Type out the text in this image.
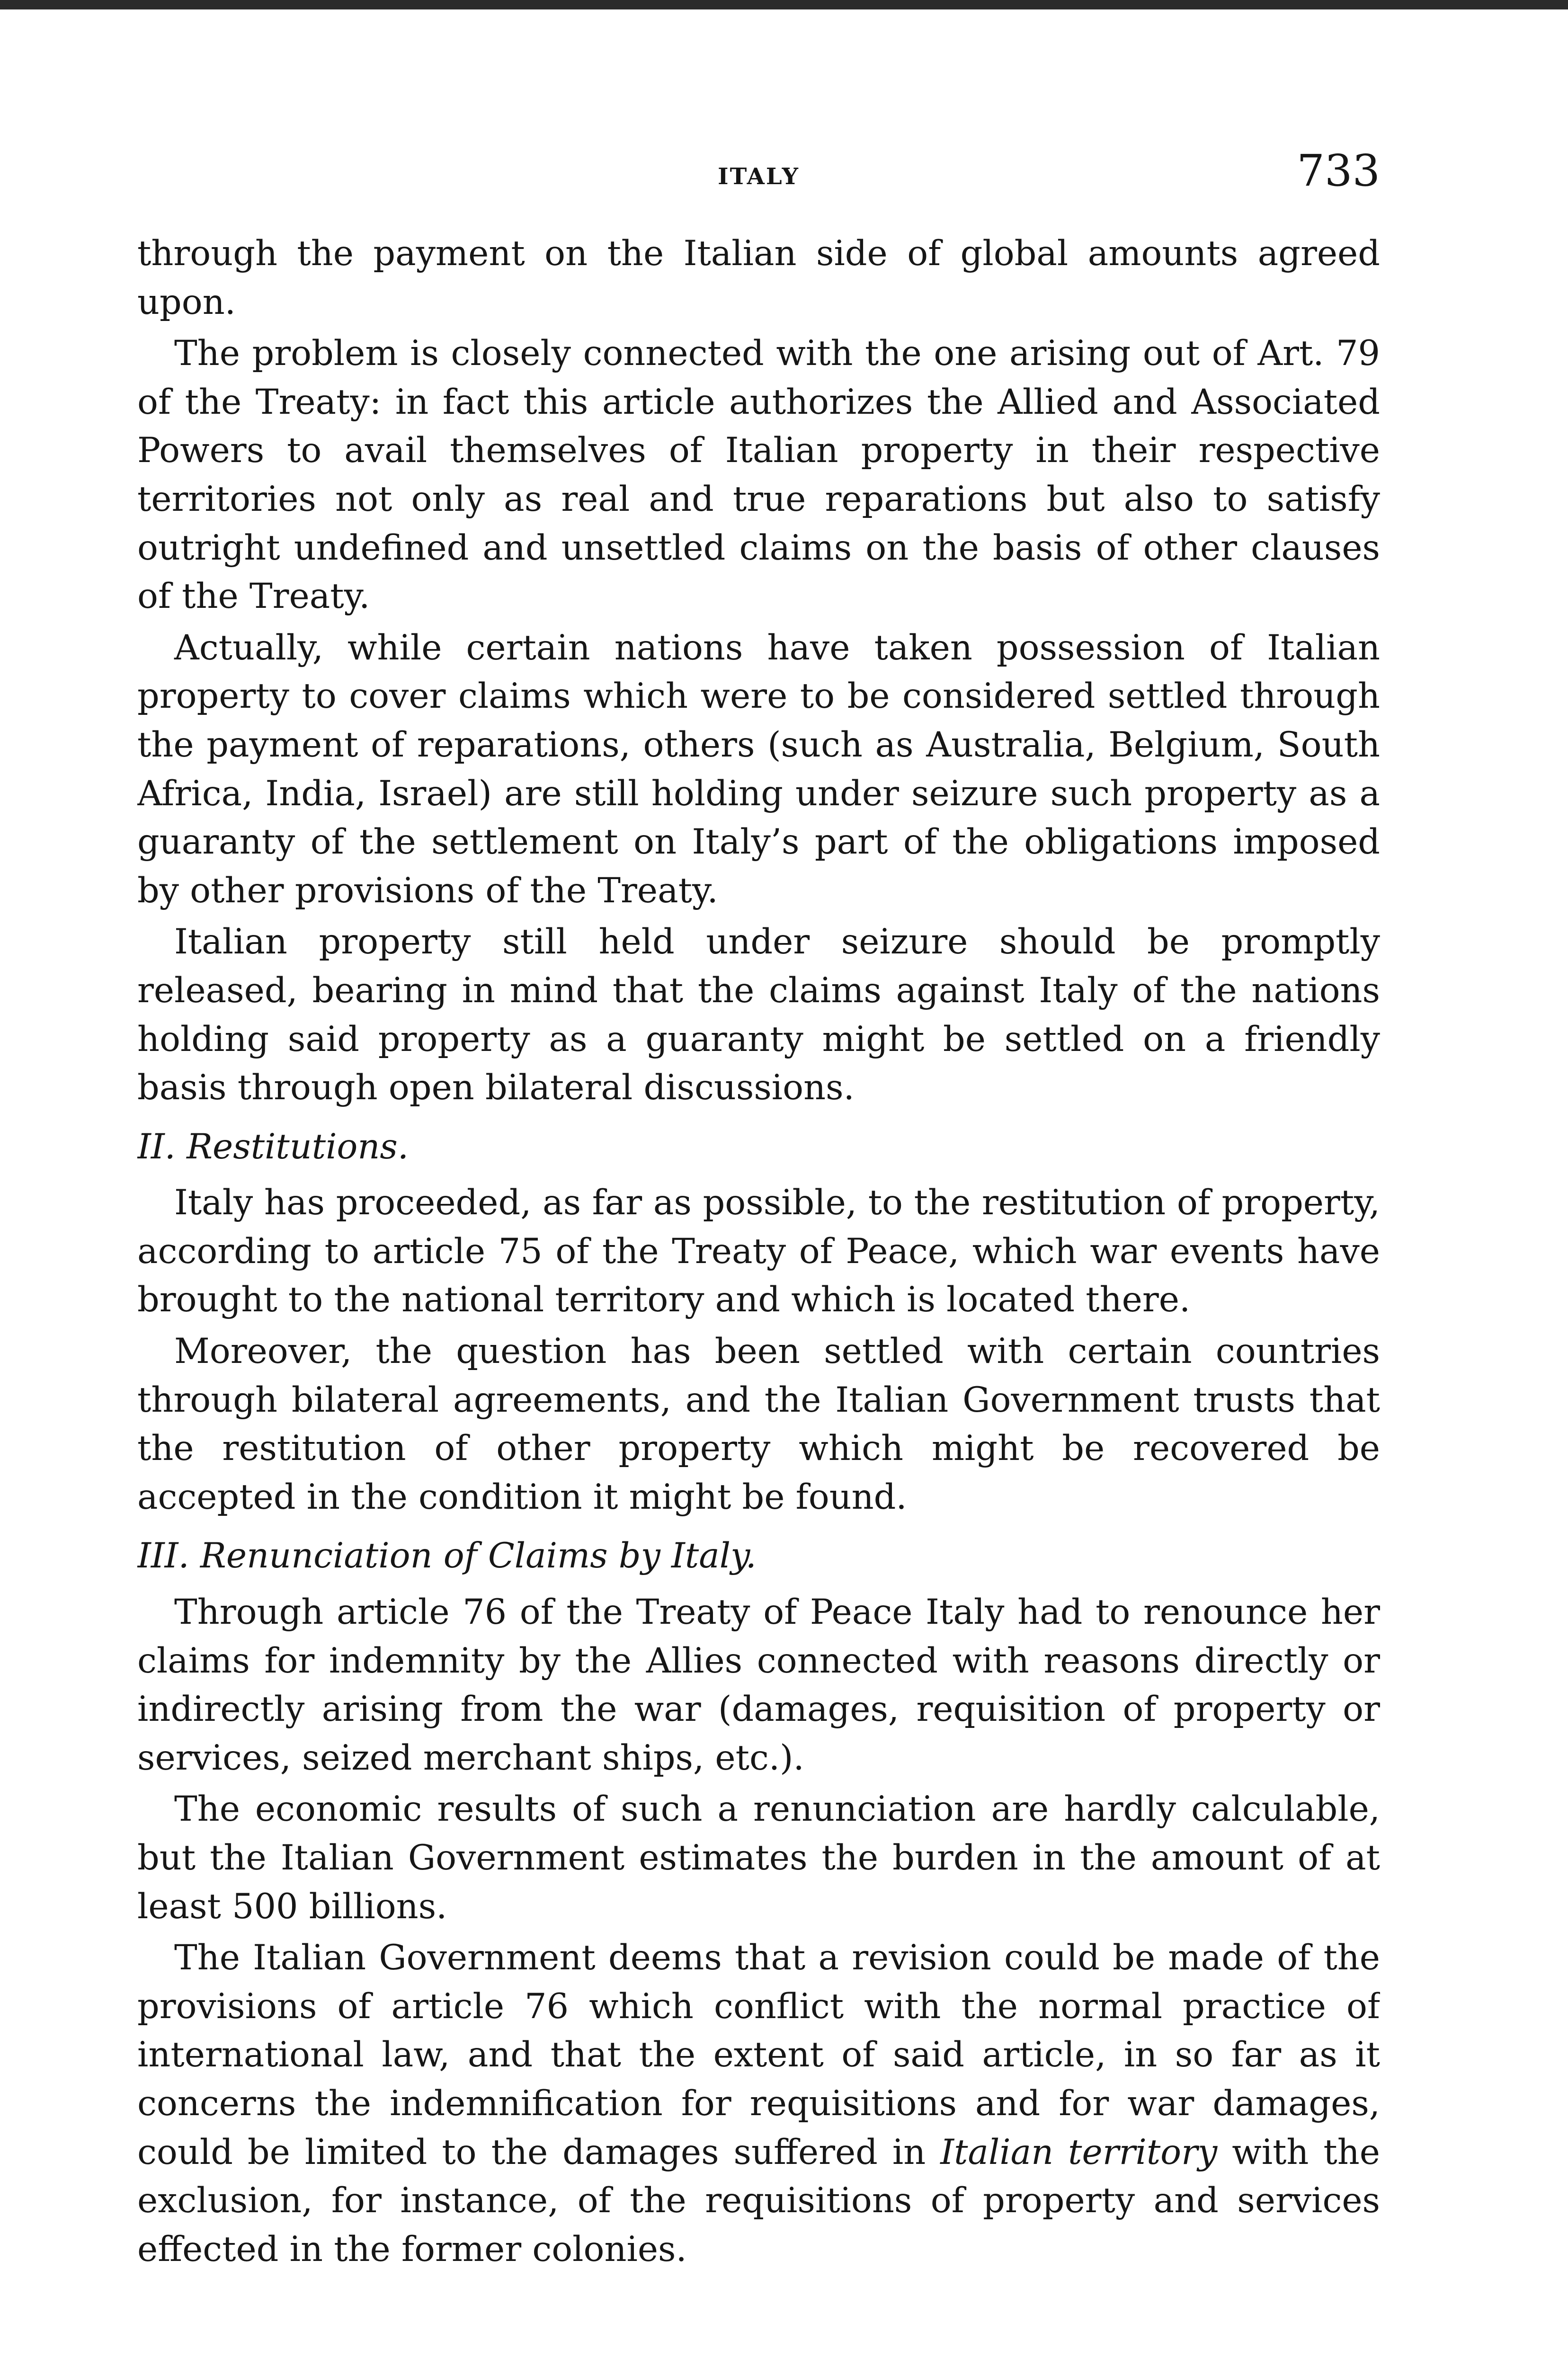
ITALY	733

through the payment on the Italian side of global amounts agreed upon.

The problem is closely connected with the one arising out of Art. 79 of the Treaty: in fact this article authorizes the Allied and Associated Powers to avail themselves of Italian property in their respective territories not only as real and true reparations but also to satisfy outright undefined and unsettled claims on the basis of other clauses of the Treaty.

Actually, while certain nations have taken possession of Italian property to cover claims which were to be considered settled through the payment of reparations, others (such as Australia, Belgium, South Africa, India, Israel) are still holding under seizure such property as a guaranty of the settlement on Italy’s part of the obligations imposed by other provisions of the Treaty.

Italian property still held under seizure should be promptly released, bearing in mind that the claims against Italy of the nations holding said property as a guaranty might be settled on a friendly basis through open bilateral discussions.

II. Restitutions.

Italy has proceeded, as far as possible, to the restitution of property, according to article 75 of the Treaty of Peace, which war events have brought to the national territory and which is located there.

Moreover, the question has been settled with certain countries through bilateral agreements, and the Italian Government trusts that the restitution of other property which might be recovered be accepted in the condition it might be found.

III. Renunciation of Claims by Italy.

Through article 76 of the Treaty of Peace Italy had to renounce her claims for indemnity by the Allies connected with reasons directly or indirectly arising from the war (damages, requisition of property or services, seized merchant ships, etc.).

The economic results of such a renunciation are hardly calculable, but the Italian Government estimates the burden in the amount of at least 500 billions.

The Italian Government deems that a revision could be made of the provisions of article 76 which conflict with the normal practice of international law, and that the extent of said article, in so far as it concerns the indemnification for requisitions and for war damages, could be limited to the damages suffered in Italian territory with the exclusion, for instance, of the requisitions of property and services effected in the former colonies.
